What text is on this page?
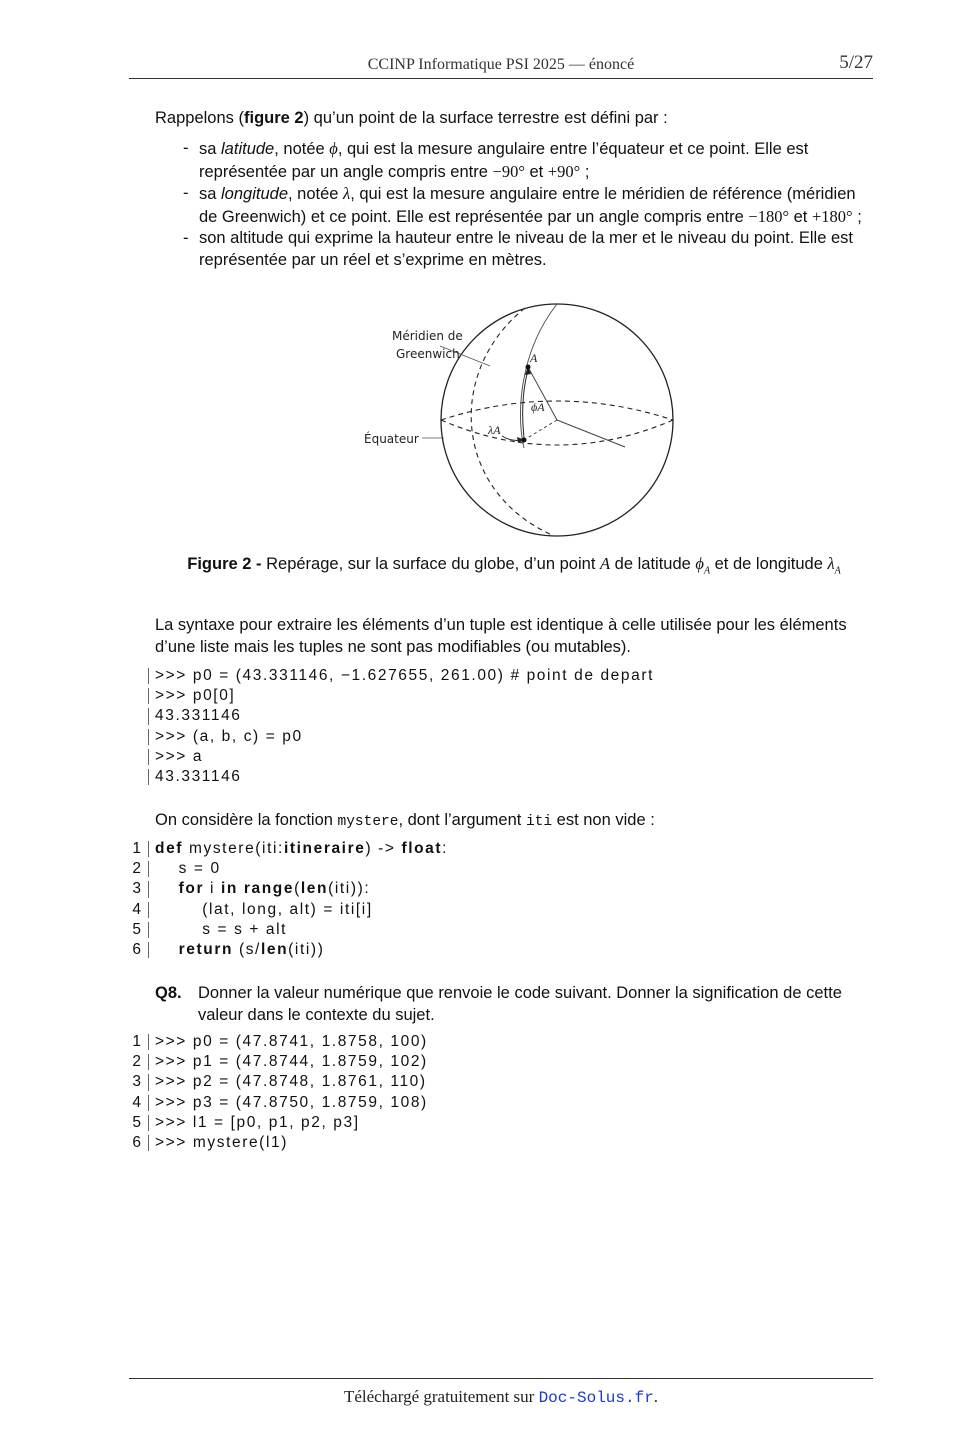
CCINP Informatique PSI 2025 — énoncé	5/27
Rappelons (figure 2) qu’un point de la surface terrestre est défini par :
- sa latitude, notée ϕ, qui est la mesure angulaire entre l’équateur et ce point. Elle est représentée par un angle compris entre −90° et +90° ;
- sa longitude, notée λ, qui est la mesure angulaire entre le méridien de référence (méridien de Greenwich) et ce point. Elle est représentée par un angle compris entre −180° et +180° ;
- son altitude qui exprime la hauteur entre le niveau de la mer et le niveau du point. Elle est représentée par un réel et s’exprime en mètres.
Méridien de
Greenwich
Équateur
A
ϕA
λA
Figure 2 - Repérage, sur la surface du globe, d’un point A de latitude $\phi_A$ et de longitude $\lambda_A$
La syntaxe pour extraire les éléments d’un tuple est identique à celle utilisée pour les éléments d’une liste mais les tuples ne sont pas modifiables (ou mutables).
>>> p0 = (43.331146, −1.627655, 261.00) # point de depart
>>> p0[0]
43.331146
>>> (a, b, c) = p0
>>> a
43.331146
On considère la fonction mystere, dont l’argument iti est non vide :
1 def mystere(iti:itineraire) -> float:
2 s = 0
3	for i in range(len(iti)):
4 (lat, long, alt) = iti[i]
5 s = s + alt
6	return (s/len(iti))
Q8. Donner la valeur numérique que renvoie le code suivant. Donner la signification de cette valeur dans le contexte du sujet.
1 >>> p0 = (47.8741, 1.8758, 100)
2 >>> p1 = (47.8744, 1.8759, 102)
3 >>> p2 = (47.8748, 1.8761, 110)
4 >>> p3 = (47.8750, 1.8759, 108)
5 >>> l1 = [p0, p1, p2, p3]
6 >>> mystere(l1)
Téléchargé gratuitement sur Doc-Solus.fr.
